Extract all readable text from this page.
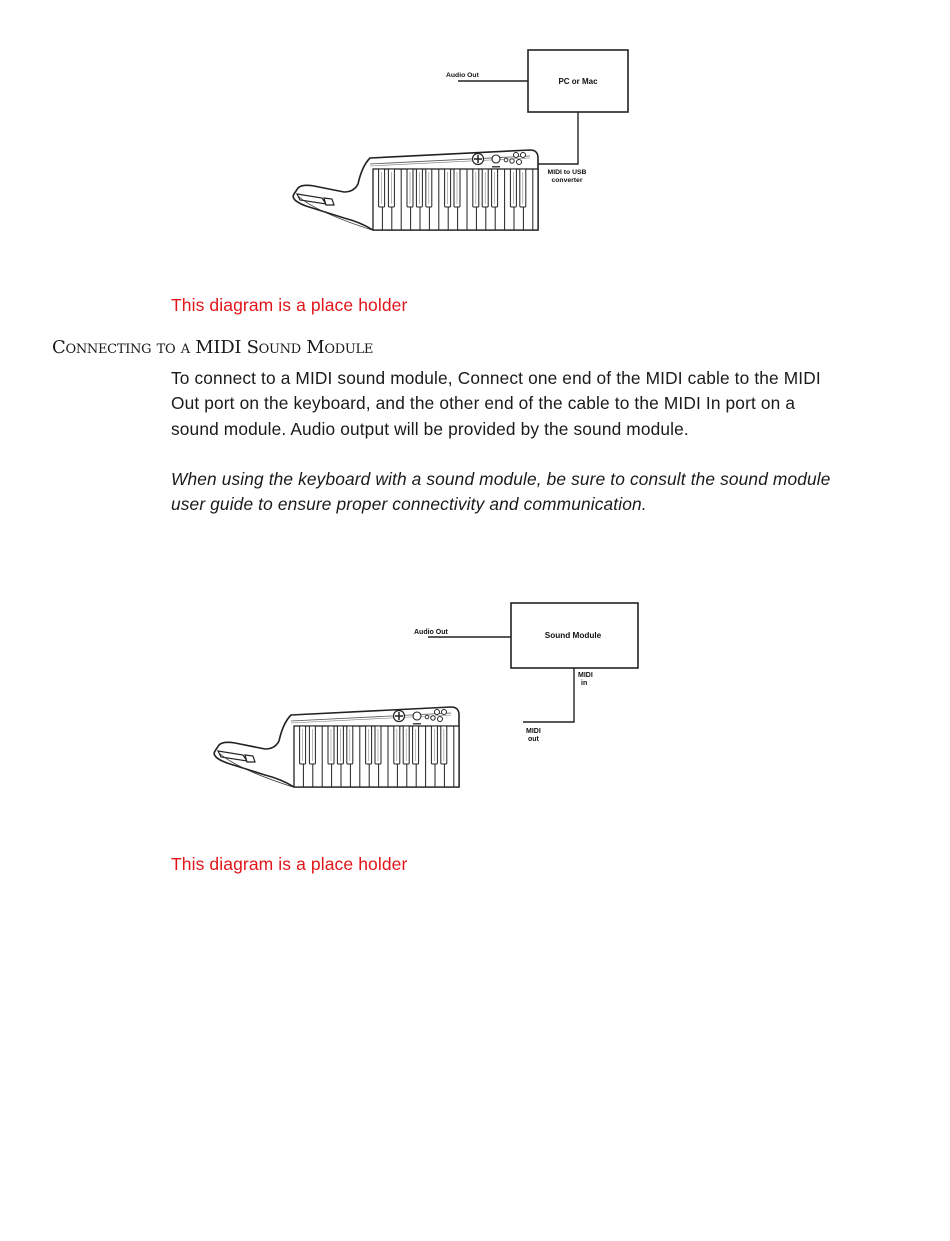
PC or Mac
Audio Out
MIDI to USB
converter
This diagram is a place holder
Connecting to a MIDI Sound Module

To connect to a MIDI sound module, Connect one end of the MIDI cable to the MIDI Out port on the keyboard, and the other end of the cable to the MIDI In port on a sound module. Audio output will be provided by the sound module.

When using the keyboard with a sound module, be sure to consult the sound module user guide to ensure proper connectivity and communication.

Sound Module
Audio Out
MIDI
in
MIDI
out
This diagram is a place holder
